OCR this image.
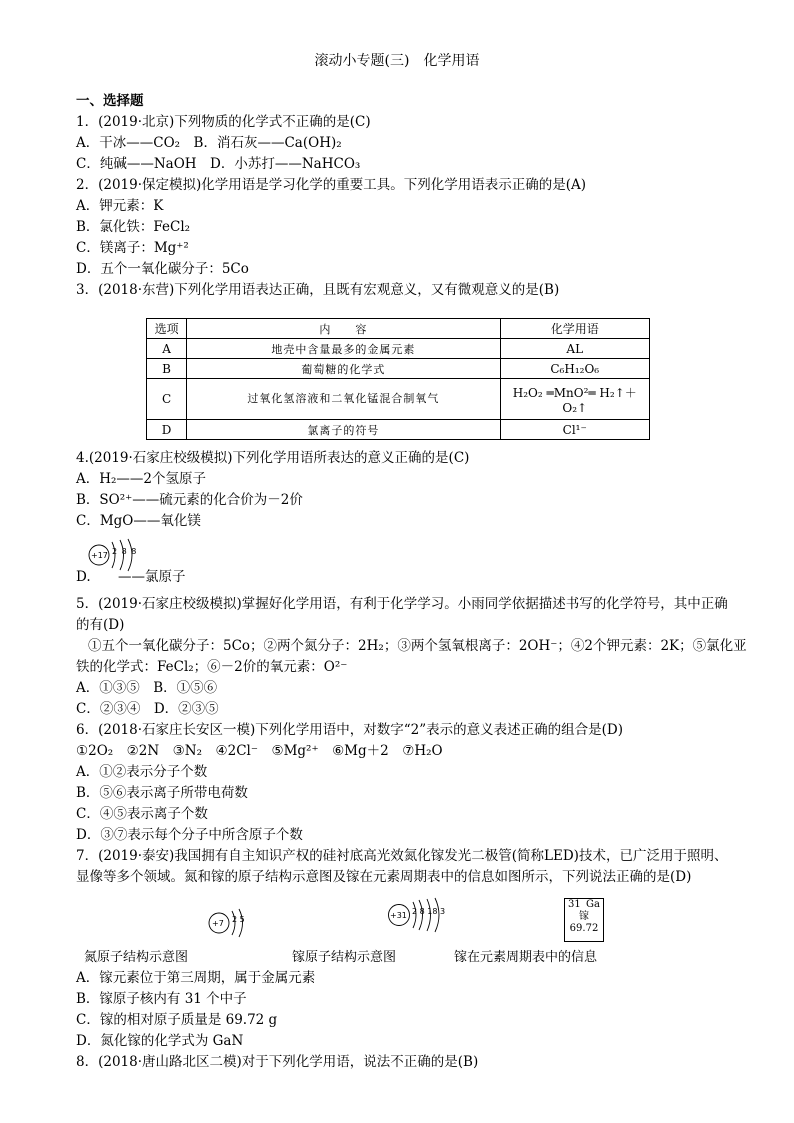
滚动小专题(三)　化学用语
一、选择题
1．(2019·北京)下列物质的化学式不正确的是(C)
A．干冰——CO₂　B．消石灰——Ca(OH)₂
C．纯碱——NaOH　D．小苏打——NaHCO₃
2．(2019·保定模拟)化学用语是学习化学的重要工具。下列化学用语表示正确的是(A)
A．钾元素：K
B．氯化铁：FeCl₂
C．镁离子：Mg⁺²
D．五个一氧化碳分子：5Co
3．(2018·东营)下列化学用语表达正确，且既有宏观意义，又有微观意义的是(B)
选项	内　　容	化学用语
A	地壳中含量最多的金属元素	AL
B	葡萄糖的化学式	C₆H₁₂O₆
C	过氧化氢溶液和二氧化锰混合制氧气	H₂O₂ ═MnO²═ H₂↑＋O₂↑
D	氯离子的符号	Cl¹⁻
4.(2019·石家庄校级模拟)下列化学用语所表达的意义正确的是(C)
A．H₂——2个氢原子
B．SO²⁺——硫元素的化合价为－2价
C．MgO——氧化镁
+17 2 8 8
D. ——氯原子
5．(2019·石家庄校级模拟)掌握好化学用语，有利于化学学习。小雨同学依据描述书写的化学符号，其中正确
的有(D)
①五个一氧化碳分子：5Co；②两个氮分子：2H₂；③两个氢氧根离子：2OH⁻；④2个钾元素：2K；⑤氯化亚
铁的化学式：FeCl₂；⑥－2价的氧元素：O²⁻
A．①③⑤　B．①⑤⑥
C．②③④　D．②③⑤
6．(2018·石家庄长安区一模)下列化学用语中，对数字“2”表示的意义表述正确的组合是(D)
①2O₂　②2N　③N₂　④2Cl⁻　⑤Mg²⁺　⑥Mg＋2　⑦H₂O
A．①②表示分子个数
B．⑤⑥表示离子所带电荷数
C．④⑤表示离子个数
D．③⑦表示每个分子中所含原子个数
7．(2019·泰安)我国拥有自主知识产权的硅衬底高光效氮化镓发光二极管(简称LED)技术，已广泛用于照明、
显像等多个领域。氮和镓的原子结构示意图及镓在元素周期表中的信息如图所示，下列说法正确的是(D)
+7 2 5	+31 2 8 18 3
31 Ga
镓
69.72
氮原子结构示意图	镓原子结构示意图	镓在元素周期表中的信息
A．镓元素位于第三周期，属于金属元素
B．镓原子核内有 31 个中子
C．镓的相对原子质量是 69.72 g
D．氮化镓的化学式为 GaN
8．(2018·唐山路北区二模)对于下列化学用语，说法不正确的是(B)
